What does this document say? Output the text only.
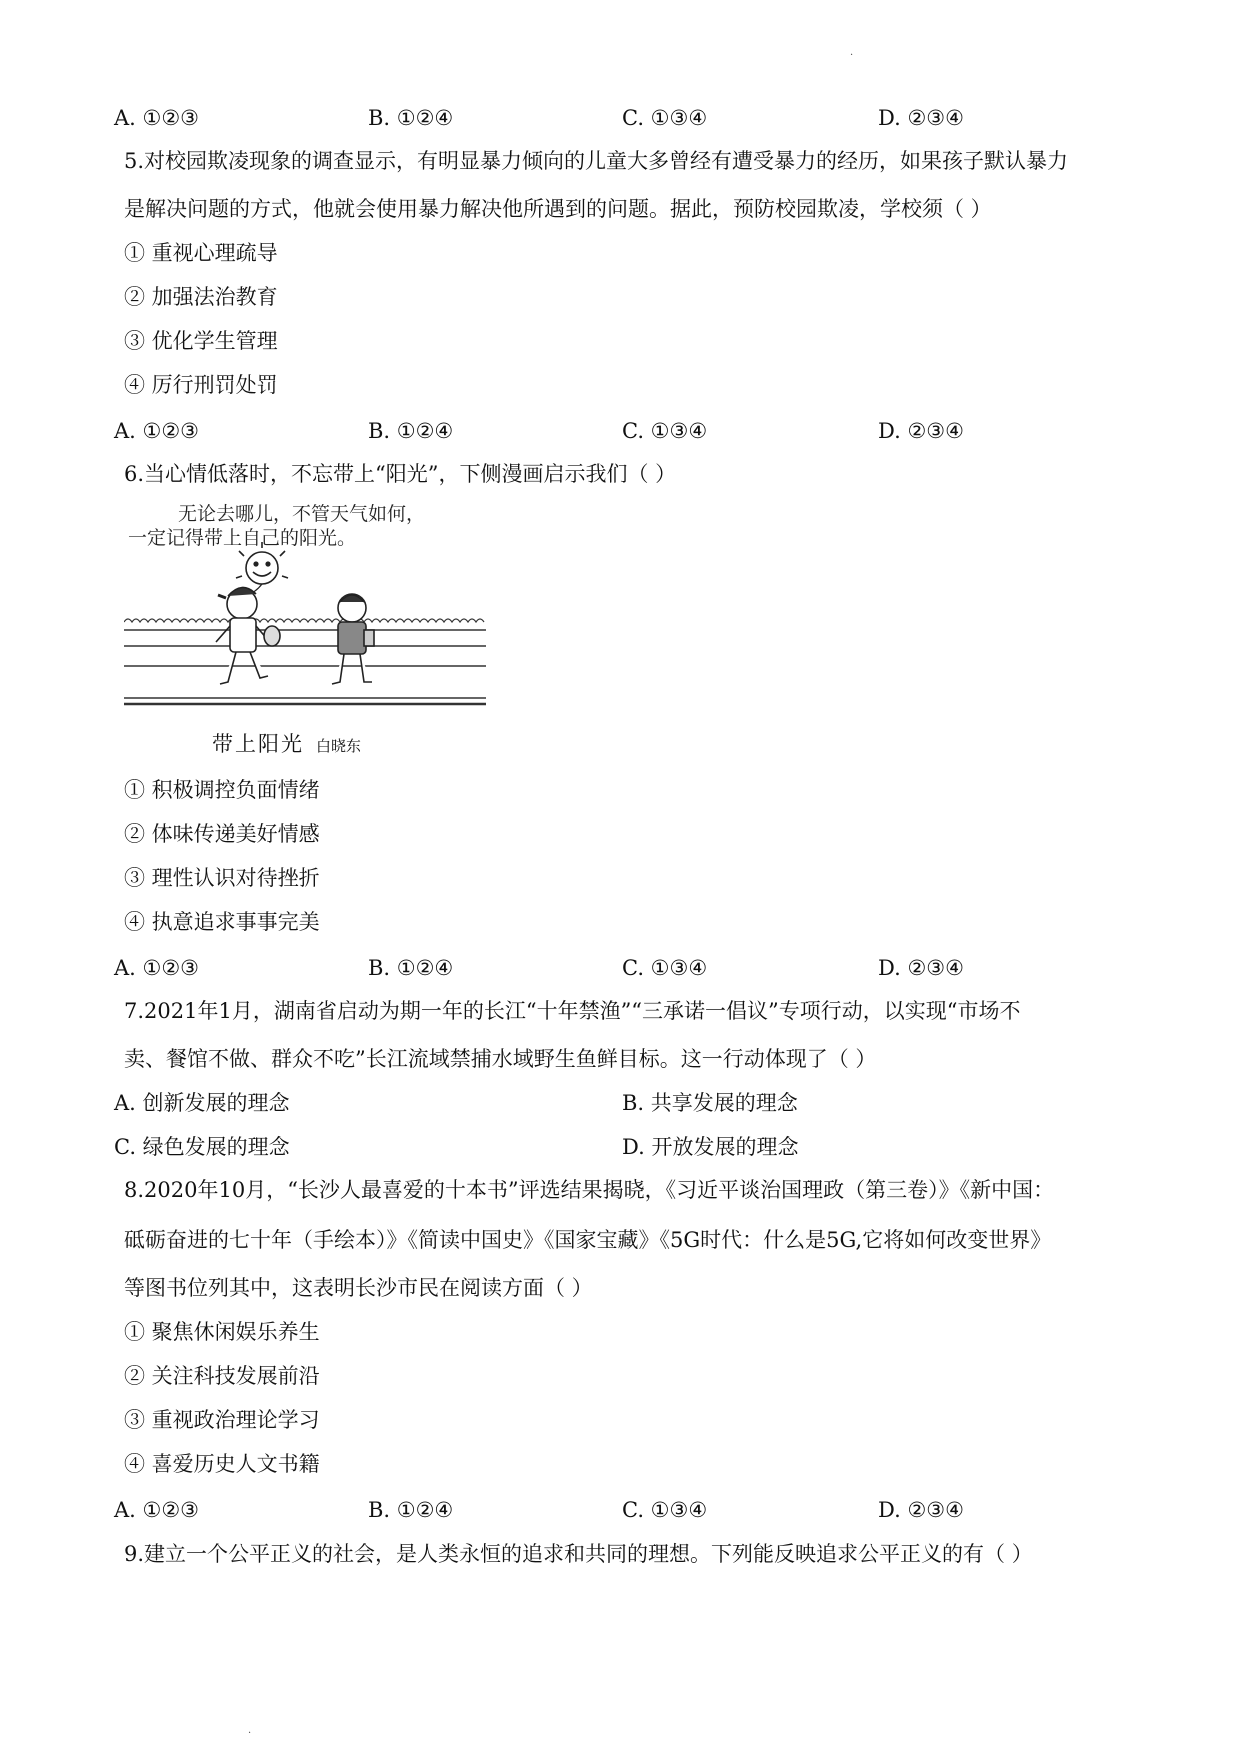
·
A. ①②③	B. ①②④	C. ①③④	D. ②③④
5.对校园欺凌现象的调查显示，有明显暴力倾向的儿童大多曾经有遭受暴力的经历，如果孩子默认暴力
是解决问题的方式，他就会使用暴力解决他所遇到的问题。据此，预防校园欺凌，学校须（ ）
① 重视心理疏导
② 加强法治教育
③ 优化学生管理
④ 厉行刑罚处罚
A. ①②③	B. ①②④	C. ①③④	D. ②③④
6.当心情低落时，不忘带上“阳光”，下侧漫画启示我们（ ）
无论去哪儿，不管天气如何，
一定记得带上自己的阳光。
带上阳光 白晓东
① 积极调控负面情绪
② 体味传递美好情感
③ 理性认识对待挫折
④ 执意追求事事完美
A. ①②③	B. ①②④	C. ①③④	D. ②③④
7.2021年1月，湖南省启动为期一年的长江“十年禁渔”“三承诺一倡议”专项行动，以实现“市场不
卖、餐馆不做、群众不吃”长江流域禁捕水域野生鱼鲜目标。这一行动体现了（ ）
A. 创新发展的理念	B. 共享发展的理念
C. 绿色发展的理念	D. 开放发展的理念
8.2020年10月，“长沙人最喜爱的十本书”评选结果揭晓，《习近平谈治国理政（第三卷）》《新中国：
砥砺奋进的七十年（手绘本）》《简读中国史》《国家宝藏》《5G时代：什么是5G,它将如何改变世界》
等图书位列其中，这表明长沙市民在阅读方面（ ）
① 聚焦休闲娱乐养生
② 关注科技发展前沿
③ 重视政治理论学习
④ 喜爱历史人文书籍
A. ①②③	B. ①②④	C. ①③④	D. ②③④
9.建立一个公平正义的社会，是人类永恒的追求和共同的理想。下列能反映追求公平正义的有（ ）
·
